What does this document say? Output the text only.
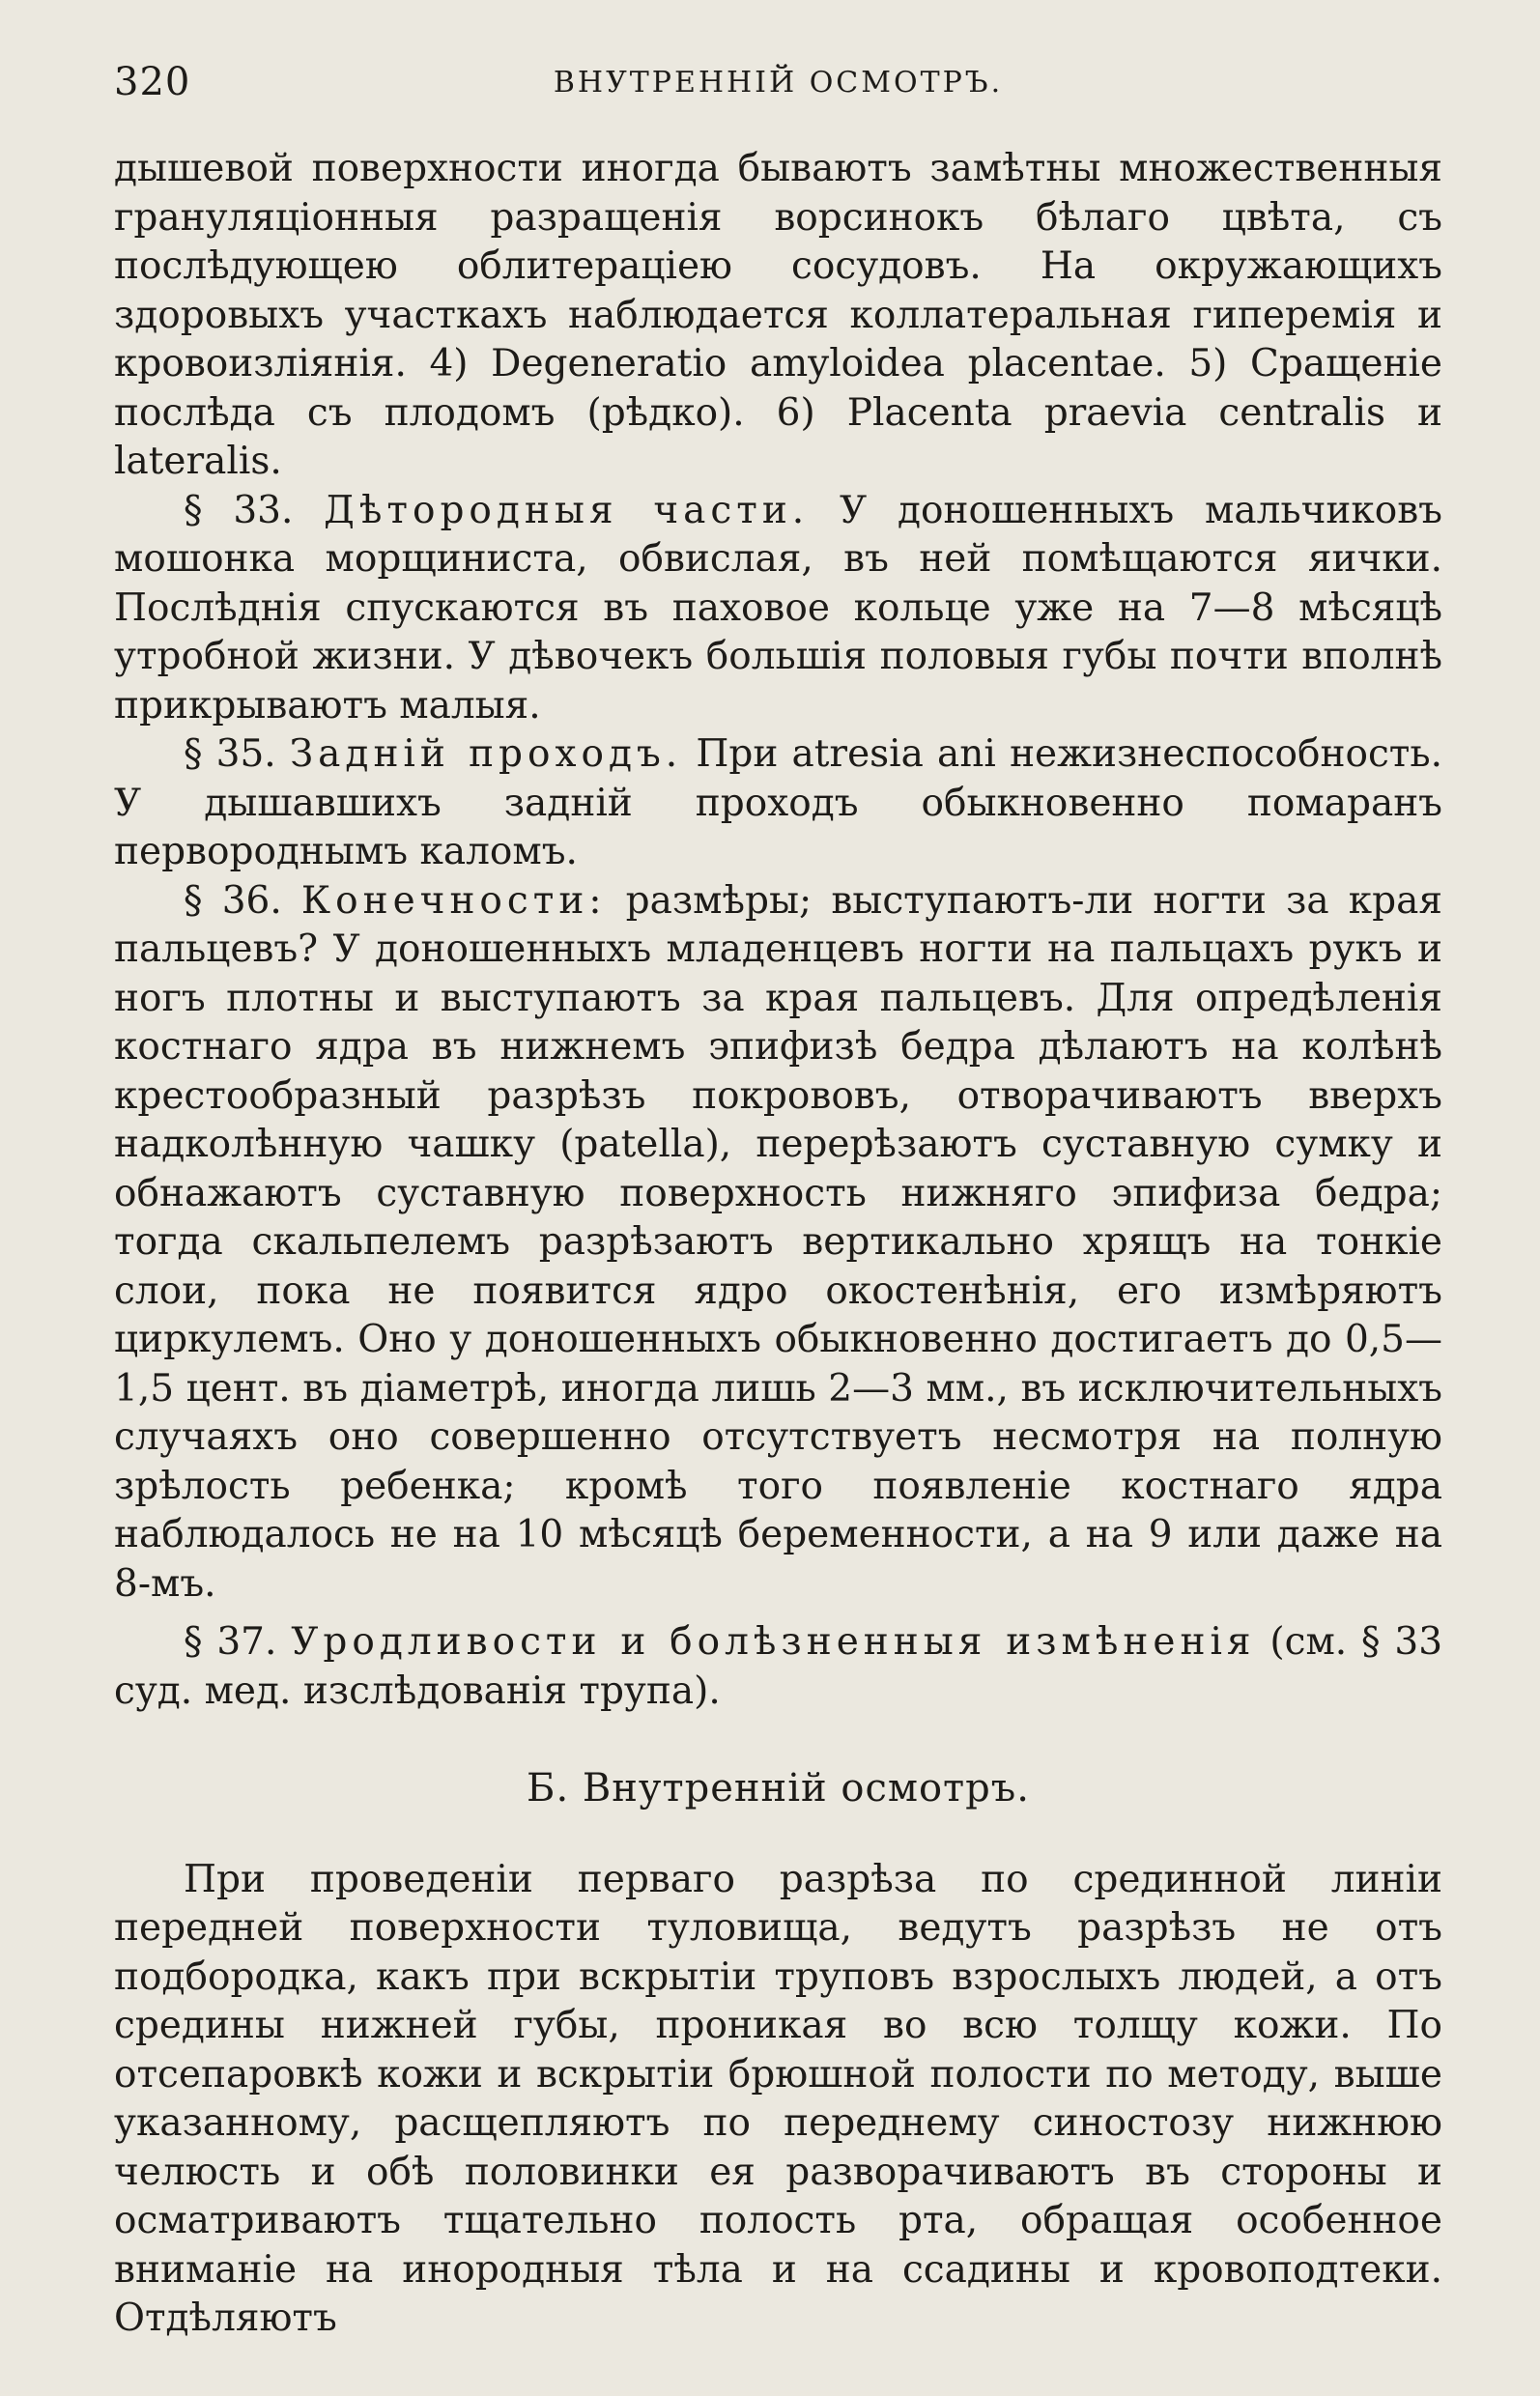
320	ВНУТРЕННІЙ ОСМОТРЪ.

дышевой поверхности иногда бываютъ замѣтны множественныя грануляціонныя разращенія ворсинокъ бѣлаго цвѣта, съ послѣдующею облитераціею сосудовъ. На окружающихъ здоровыхъ участкахъ наблюдается коллатеральная гиперемія и кровоизліянія. 4) Degeneratio amyloidea placentae. 5) Сращеніе послѣда съ плодомъ (рѣдко). 6) Placenta praevia centralis и lateralis.

§ 33. Дѣтородныя части. У доношенныхъ мальчиковъ мошонка морщиниста, обвислая, въ ней помѣщаются яички. Послѣднія спускаются въ паховое кольце уже на 7—8 мѣсяцѣ утробной жизни. У дѣвочекъ большія половыя губы почти вполнѣ прикрываютъ малыя.

§ 35. Задній проходъ. При atresia ani нежизнеспособность. У дышавшихъ задній проходъ обыкновенно помаранъ первороднымъ каломъ.

§ 36. Конечности: размѣры; выступаютъ-ли ногти за края пальцевъ? У доношенныхъ младенцевъ ногти на пальцахъ рукъ и ногъ плотны и выступаютъ за края пальцевъ. Для опредѣленія костнаго ядра въ нижнемъ эпифизѣ бедра дѣлаютъ на колѣнѣ крестообразный разрѣзъ покрововъ, отворачиваютъ вверхъ надколѣнную чашку (patella), перерѣзаютъ суставную сумку и обнажаютъ суставную поверхность нижняго эпифиза бедра; тогда скальпелемъ разрѣзаютъ вертикально хрящъ на тонкіе слои, пока не появится ядро окостенѣнія, его измѣряютъ циркулемъ. Оно у доношенныхъ обыкновенно достигаетъ до 0,5—1,5 цент. въ діаметрѣ, иногда лишь 2—3 мм., въ исключительныхъ случаяхъ оно совершенно отсутствуетъ несмотря на полную зрѣлость ребенка; кромѣ того появленіе костнаго ядра наблюдалось не на 10 мѣсяцѣ беременности, а на 9 или даже на 8-мъ.

§ 37. Уродливости и болѣзненныя измѣненія (см. § 33 суд. мед. изслѣдованія трупа).

Б. Внутренній осмотръ.

При проведеніи перваго разрѣза по срединной линіи передней поверхности туловища, ведутъ разрѣзъ не отъ подбородка, какъ при вскрытіи труповъ взрослыхъ людей, а отъ средины нижней губы, проникая во всю толщу кожи. По отсепаровкѣ кожи и вскрытіи брюшной полости по методу, выше указанному, расщепляютъ по переднему синостозу нижнюю челюсть и обѣ половинки ея разворачиваютъ въ стороны и осматриваютъ тщательно полость рта, обращая особенное вниманіе на инородныя тѣла и на ссадины и кровоподтеки. Отдѣляютъ
